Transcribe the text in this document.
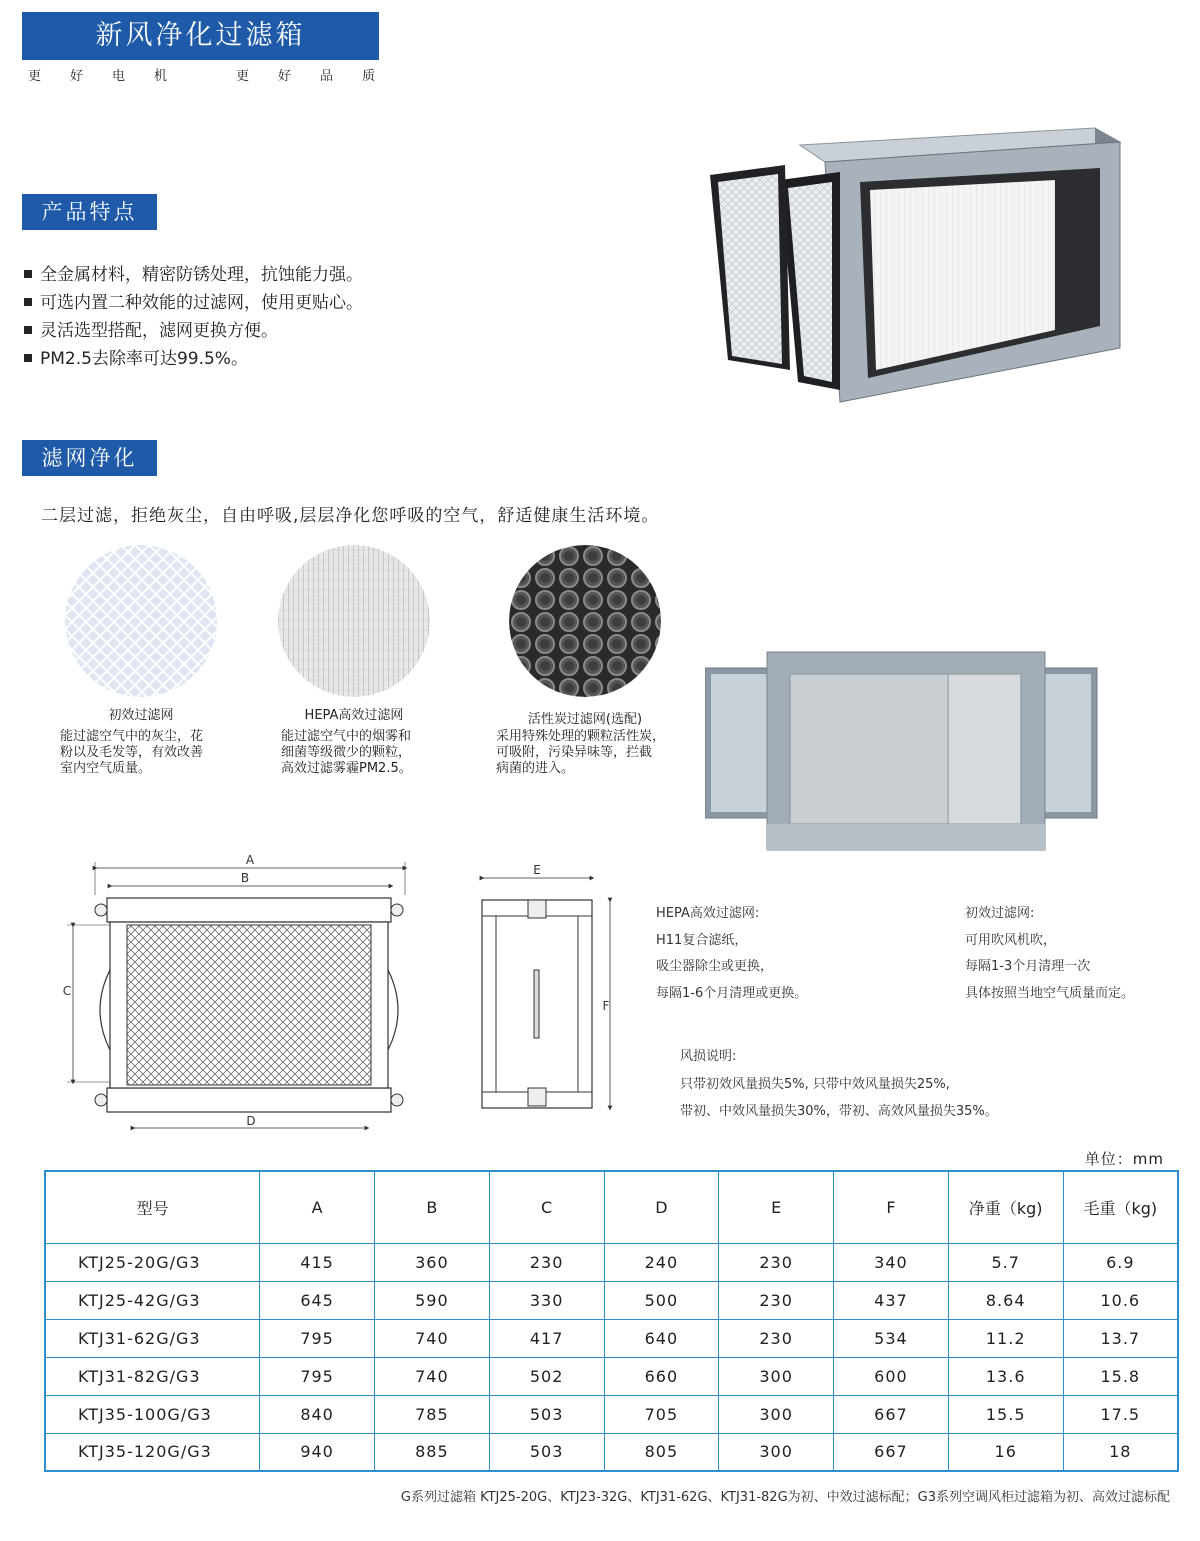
新风净化过滤箱
更 好 电 机	更 好 品 质
产品特点
全金属材料，精密防锈处理，抗蚀能力强。
可选内置二种效能的过滤网，使用更贴心。
灵活选型搭配，滤网更换方便。
PM2.5去除率可达99.5%。
滤网净化
二层过滤，拒绝灰尘，自由呼吸,层层净化您呼吸的空气，舒适健康生活环境。
初效过滤网
能过滤空气中的灰尘，花
粉以及毛发等，有效改善
室内空气质量。
HEPA高效过滤网
能过滤空气中的烟雾和
细菌等级微少的颗粒，
高效过滤雾霾PM2.5。
活性炭过滤网(选配)
采用特殊处理的颗粒活性炭，
可吸附，污染异味等，拦截
病菌的进入。
A
B
C
D
E
F
HEPA高效过滤网:
H11复合滤纸，
吸尘器除尘或更换，
每隔1-6个月清理或更换。
初效过滤网:
可用吹风机吹，
每隔1-3个月清理一次
具体按照当地空气质量而定。
风损说明:
只带初效风量损失5%, 只带中效风量损失25%,
带初、中效风量损失30%，带初、高效风量损失35%。
单位：mm
型号	A	B	C	D	E	F	净重（kg)	毛重（kg)
KTJ25-20G/G3	415	360	230	240	230	340	5.7	6.9
KTJ25-42G/G3	645	590	330	500	230	437	8.64	10.6
KTJ31-62G/G3	795	740	417	640	230	534	11.2	13.7
KTJ31-82G/G3	795	740	502	660	300	600	13.6	15.8
KTJ35-100G/G3	840	785	503	705	300	667	15.5	17.5
KTJ35-120G/G3	940	885	503	805	300	667	16	18
G系列过滤箱 KTJ25-20G、KTJ23-32G、KTJ31-62G、KTJ31-82G为初、中效过滤标配；G3系列空调风柜过滤箱为初、高效过滤标配
